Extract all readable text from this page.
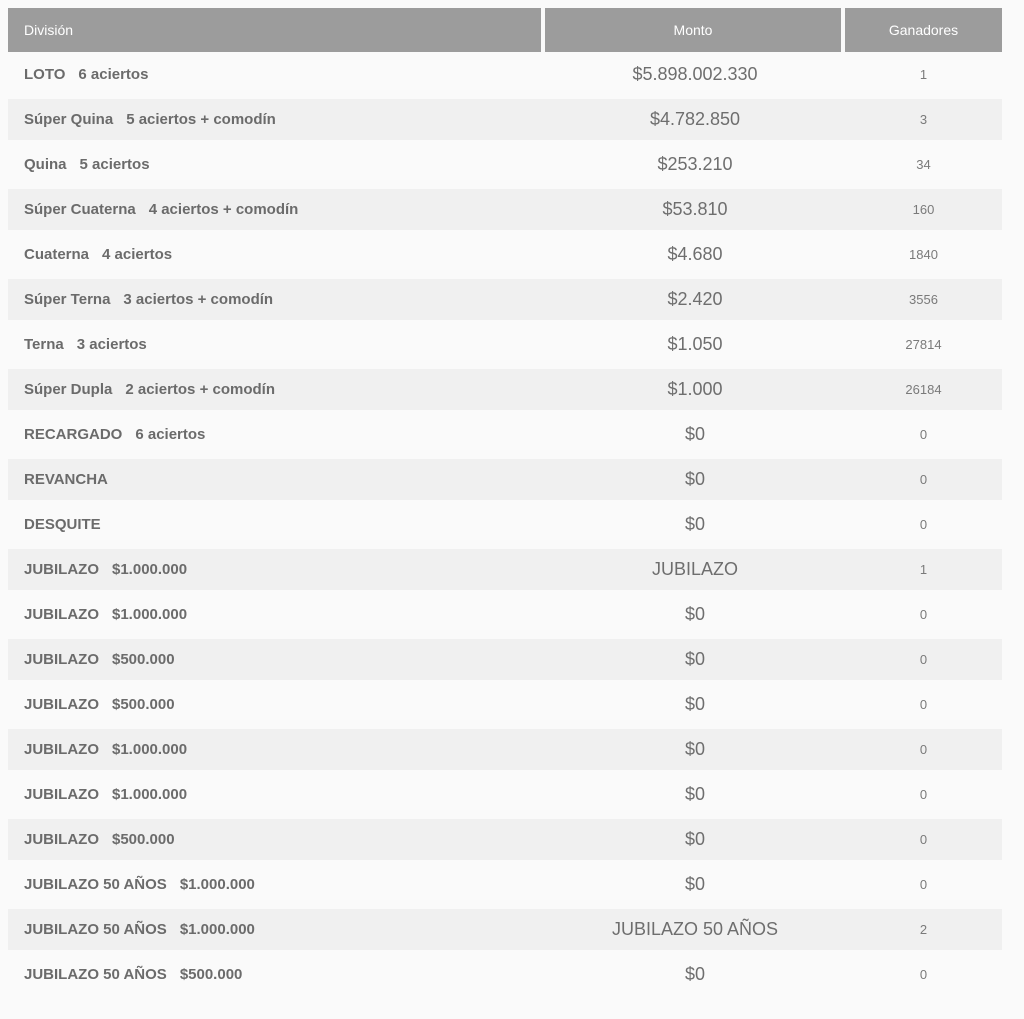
División	Monto	Ganadores
LOTO 6 aciertos	$5.898.002.330	1
Súper Quina 5 aciertos + comodín	$4.782.850	3
Quina 5 aciertos	$253.210	34
Súper Cuaterna 4 aciertos + comodín	$53.810	160
Cuaterna 4 aciertos	$4.680	1840
Súper Terna 3 aciertos + comodín	$2.420	3556
Terna 3 aciertos	$1.050	27814
Súper Dupla 2 aciertos + comodín	$1.000	26184
RECARGADO 6 aciertos	$0	0
REVANCHA	$0	0
DESQUITE	$0	0
JUBILAZO $1.000.000	JUBILAZO	1
JUBILAZO $1.000.000	$0	0
JUBILAZO $500.000	$0	0
JUBILAZO $500.000	$0	0
JUBILAZO $1.000.000	$0	0
JUBILAZO $1.000.000	$0	0
JUBILAZO $500.000	$0	0
JUBILAZO 50 AÑOS $1.000.000	$0	0
JUBILAZO 50 AÑOS $1.000.000	JUBILAZO 50 AÑOS	2
JUBILAZO 50 AÑOS $500.000	$0	0
